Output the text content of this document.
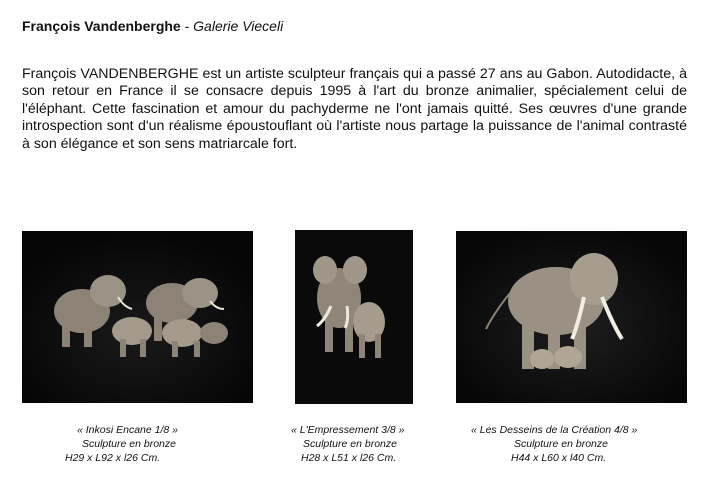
François Vandenberghe - Galerie Vieceli
François VANDENBERGHE est un artiste sculpteur français qui a passé 27 ans au Gabon. Autodidacte, à son retour en France il se consacre depuis 1995 à l'art du bronze animalier, spécialement celui de l'éléphant. Cette fascination et amour du pachyderme ne l'ont jamais quitté. Ses œuvres d'une grande introspection sont d'un réalisme époustouflant où l'artiste nous partage la puissance de l'animal contrasté à son élégance et son sens matriarcale fort.
« Inkosi Encane 1/8 »
Sculpture en bronze
H29 x L92 x l26 Cm.
« L'Empressement 3/8 »
Sculpture en bronze
H28 x L51 x l26 Cm.
« Les Desseins de la Création 4/8 »
Sculpture en bronze
H44 x L60 x l40 Cm.
